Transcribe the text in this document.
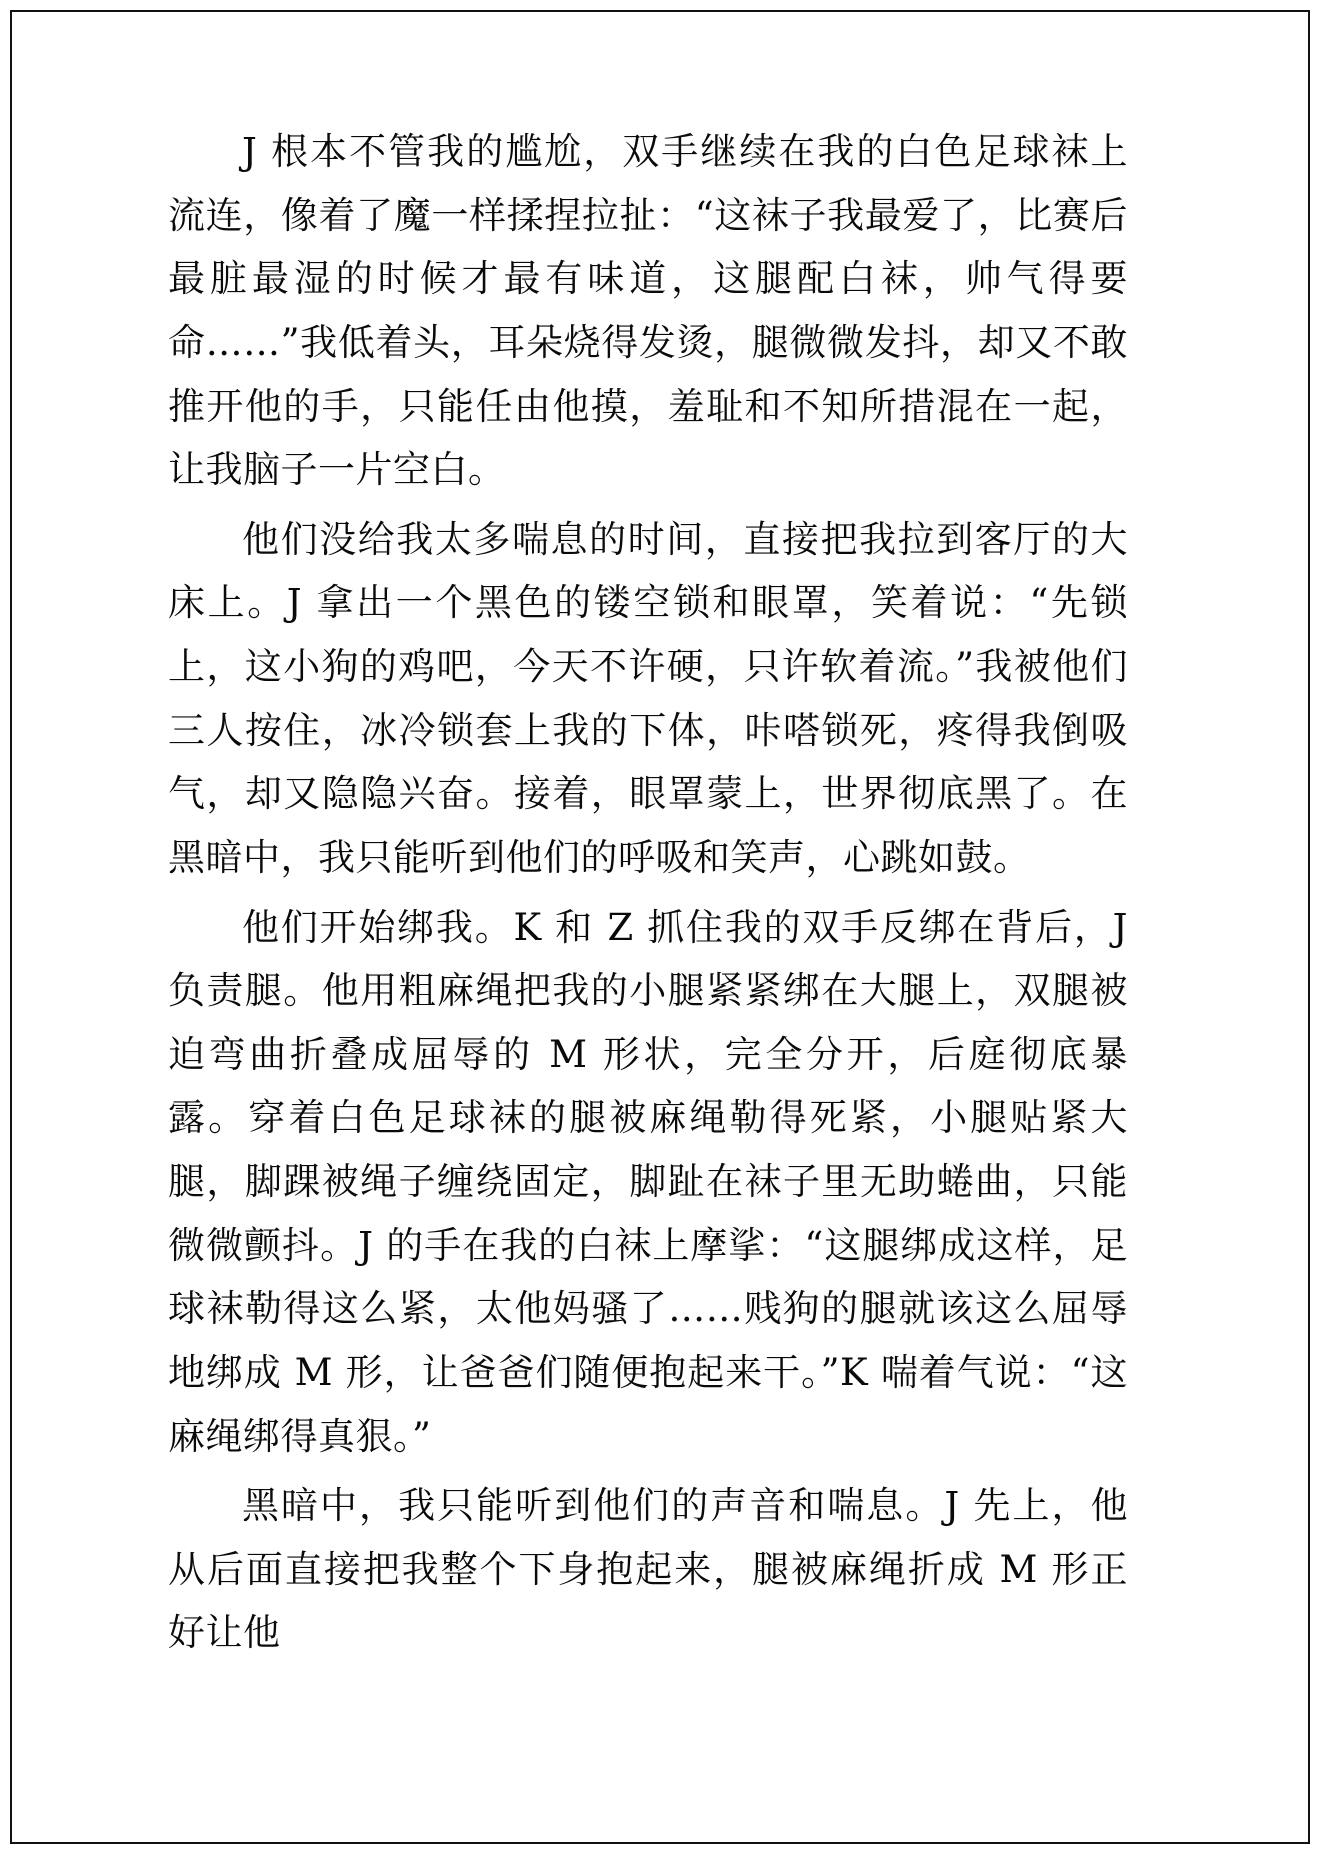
J 根本不管我的尴尬，双手继续在我的白色足球袜上流连，像着了魔一样揉捏拉扯：“这袜子我最爱了，比赛后最脏最湿的时候才最有味道，这腿配白袜，帅气得要命……”我低着头，耳朵烧得发烫，腿微微发抖，却又不敢推开他的手，只能任由他摸，羞耻和不知所措混在一起，让我脑子一片空白。

他们没给我太多喘息的时间，直接把我拉到客厅的大床上。J 拿出一个黑色的镂空锁和眼罩，笑着说：“先锁上，这小狗的鸡吧，今天不许硬，只许软着流。”我被他们三人按住，冰冷锁套上我的下体，咔嗒锁死，疼得我倒吸气，却又隐隐兴奋。接着，眼罩蒙上，世界彻底黑了。在黑暗中，我只能听到他们的呼吸和笑声，心跳如鼓。

他们开始绑我。K 和 Z 抓住我的双手反绑在背后，J 负责腿。他用粗麻绳把我的小腿紧紧绑在大腿上，双腿被迫弯曲折叠成屈辱的 M 形状，完全分开，后庭彻底暴露。穿着白色足球袜的腿被麻绳勒得死紧，小腿贴紧大腿，脚踝被绳子缠绕固定，脚趾在袜子里无助蜷曲，只能微微颤抖。J 的手在我的白袜上摩挲：“这腿绑成这样，足球袜勒得这么紧，太他妈骚了……贱狗的腿就该这么屈辱地绑成 M 形，让爸爸们随便抱起来干。”K 喘着气说：“这麻绳绑得真狠。”

黑暗中，我只能听到他们的声音和喘息。J 先上，他从后面直接把我整个下身抱起来，腿被麻绳折成 M 形正好让他
